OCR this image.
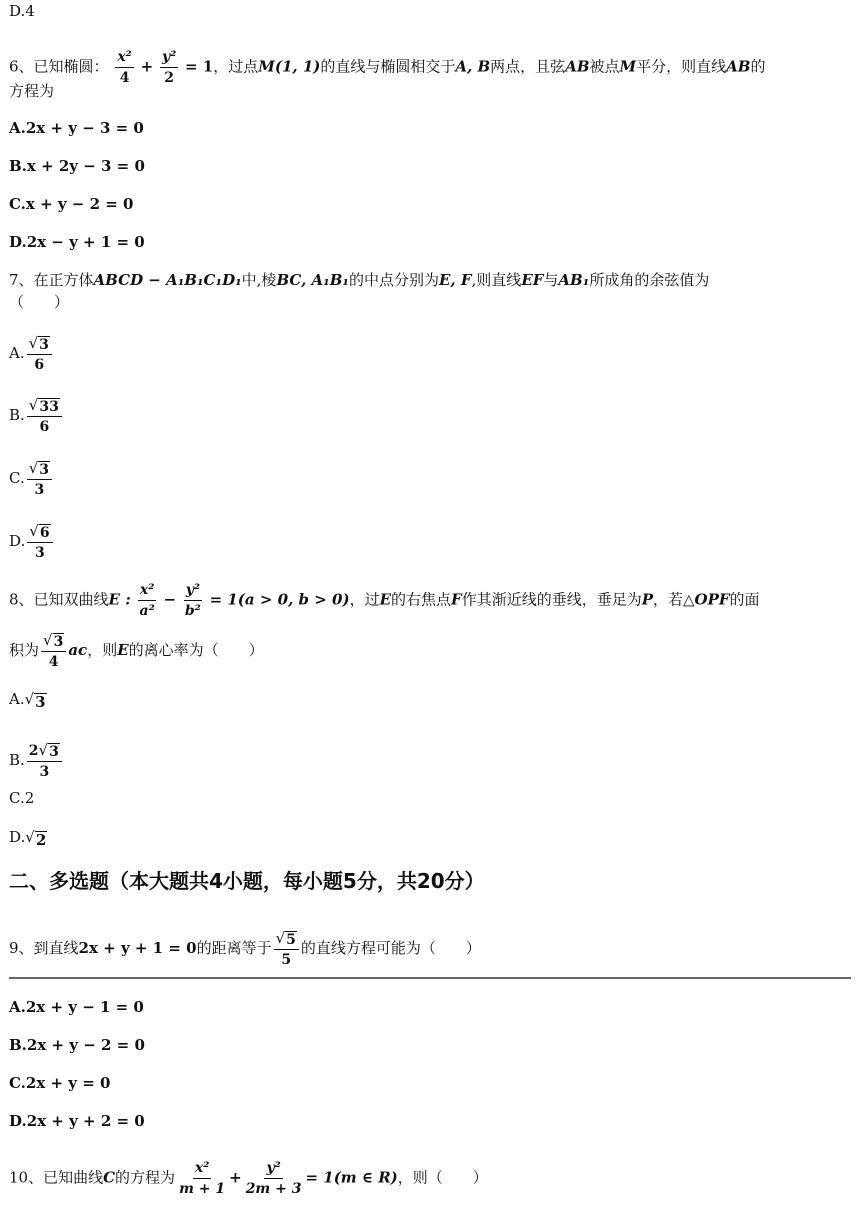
D.4
6、已知椭圆： $\frac{\text{x²}}{4} + \frac{\text{y²}}{2} = 1$，过点M(1, 1)的直线与椭圆相交于A, B两点，且弦AB被点M平分，则直线AB的
方程为
A.2x + y − 3 = 0
B.x + 2y − 3 = 0
C.x + y − 2 = 0
D.2x − y + 1 = 0
7、在正方体ABCD − A₁B₁C₁D₁中,棱BC, A₁B₁的中点分别为E, F,则直线EF与AB₁所成角的余弦值为
（　　）
A. $\frac{√ 3}{6}$
B. $\frac{√ 33}{6}$
C. $\frac{√ 3}{3}$
D. $\frac{√ 6}{3}$
8、已知双曲线E : $\frac{\text{x²}}{\text{a²}} - \frac{\text{y²}}{\text{b²}} = 1(a > 0$, b > 0)，过E的右焦点F作其渐近线的垂线，垂足为P，若△OPF的面
积为 $\frac{√ 3}{4}$ ac，则E的离心率为（　　）
A. √ 3
B. $\frac{2 √ 3}{3}$
C.2
D. √ 2
二、多选题（本大题共4小题，每小题5分，共20分）
9、到直线2x + y + 1 = 0的距离等于 $\frac{√ 5}{5}$ 的直线方程可能为（　　）
A.2x + y − 1 = 0
B.2x + y − 2 = 0
C.2x + y = 0
D.2x + y + 2 = 0
10、已知曲线C的方程为 $\frac{\text{x²}}{m + 1} + \frac{\text{y²}}{2m + 3} = 1(m$ ∈ R)，则（　　）
